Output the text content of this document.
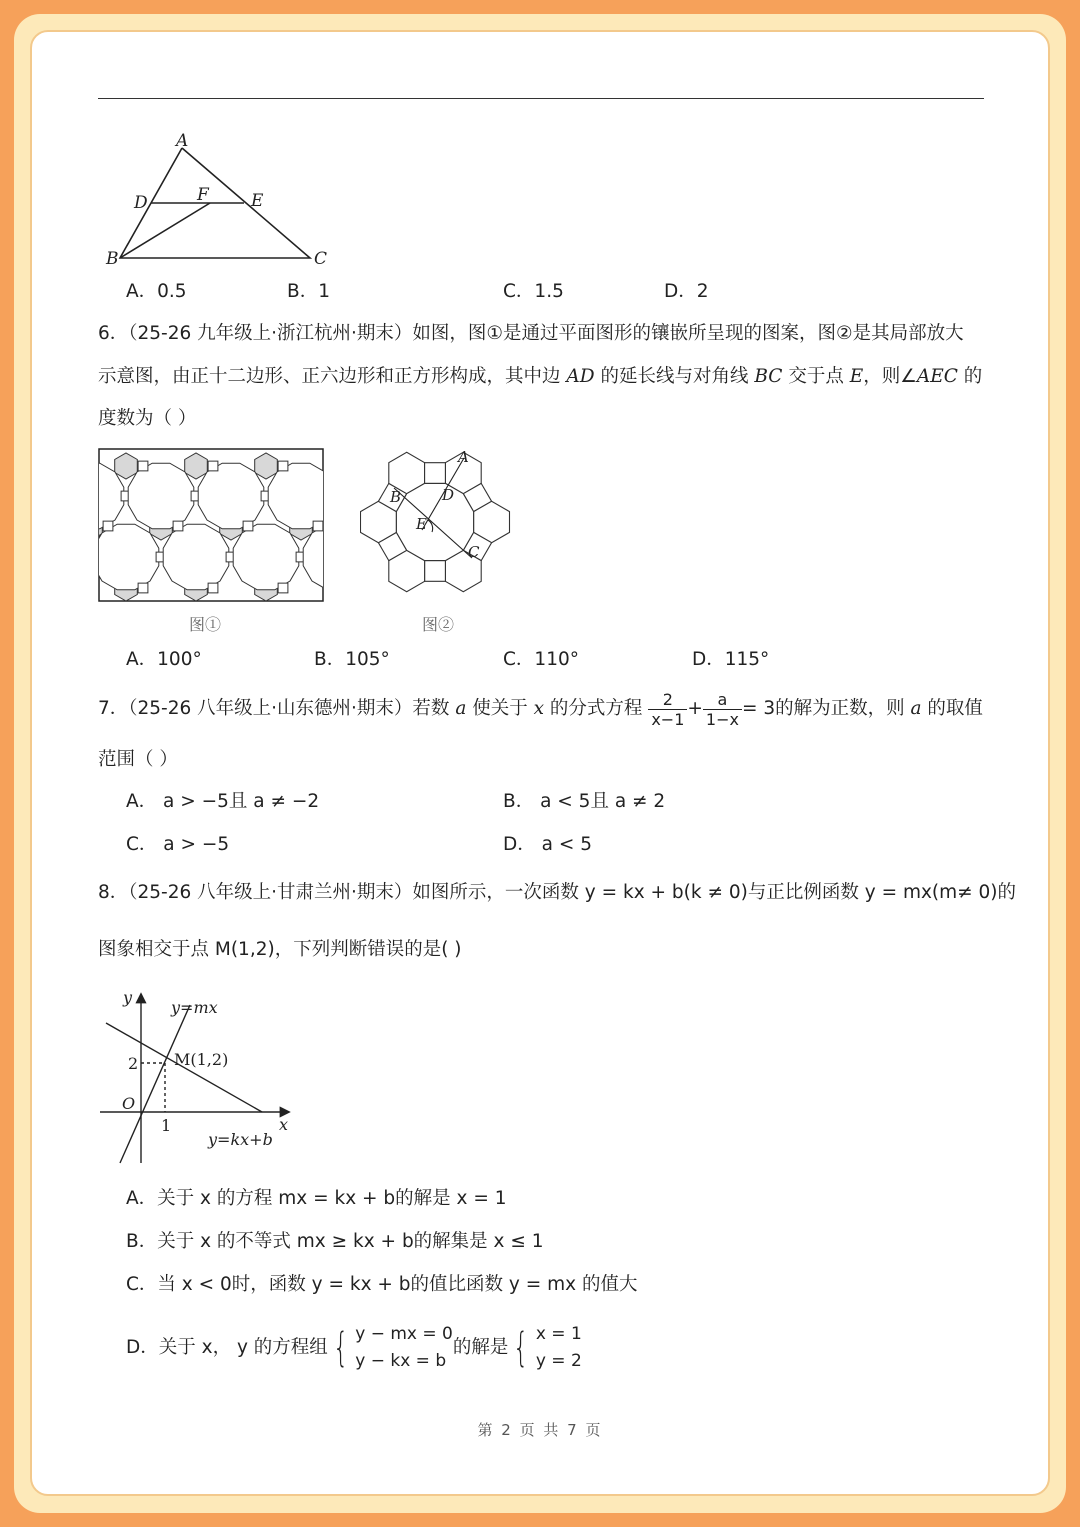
A
D	F E
B	C
A．0.5	B．1	C．1.5	D．2
6．（25-26 九年级上·浙江杭州·期末）如图，图①是通过平面图形的镶嵌所呈现的图案，图②是其局部放大
示意图，由正十二边形、正六边形和正方形构成，其中边 AD 的延长线与对角线 BC 交于点 E，则∠AEC 的
度数为（ ）
图①
A
B	D
E
C
图②
A．100°	B．105°	C．110°	D．115°
7．（25-26 八年级上·山东德州·期末）若数 a 使关于 x 的分式方程 $\frac{2}{x-1} + \frac{a}{1-x} = 3$的解为正数，则 a 的取值
范围（ ）
A． a > −5且 a ≠ −2	B． a < 5且 a ≠ 2
C． a > −5	D． a < 5
8．（25-26 八年级上·甘肃兰州·期末）如图所示，一次函数 y = kx + b(k ≠ 0)与正比例函数 y = mx(m≠ 0)的
图象相交于点 M(1,2)，下列判断错误的是( )
y
x
O
y=mx
y=kx+b
M(1,2)
2
1
A．关于 x 的方程 mx = kx + b的解是 x = 1
B．关于 x 的不等式 mx ≥ kx + b的解集是 x ≤ 1
C．当 x < 0时，函数 y = kx + b的值比函数 y = mx 的值大
D．关于 x， y 的方程组 { y − mx = 0
y − kx = b
的解是 { x = 1
y = 2
第 2 页 共 7 页
